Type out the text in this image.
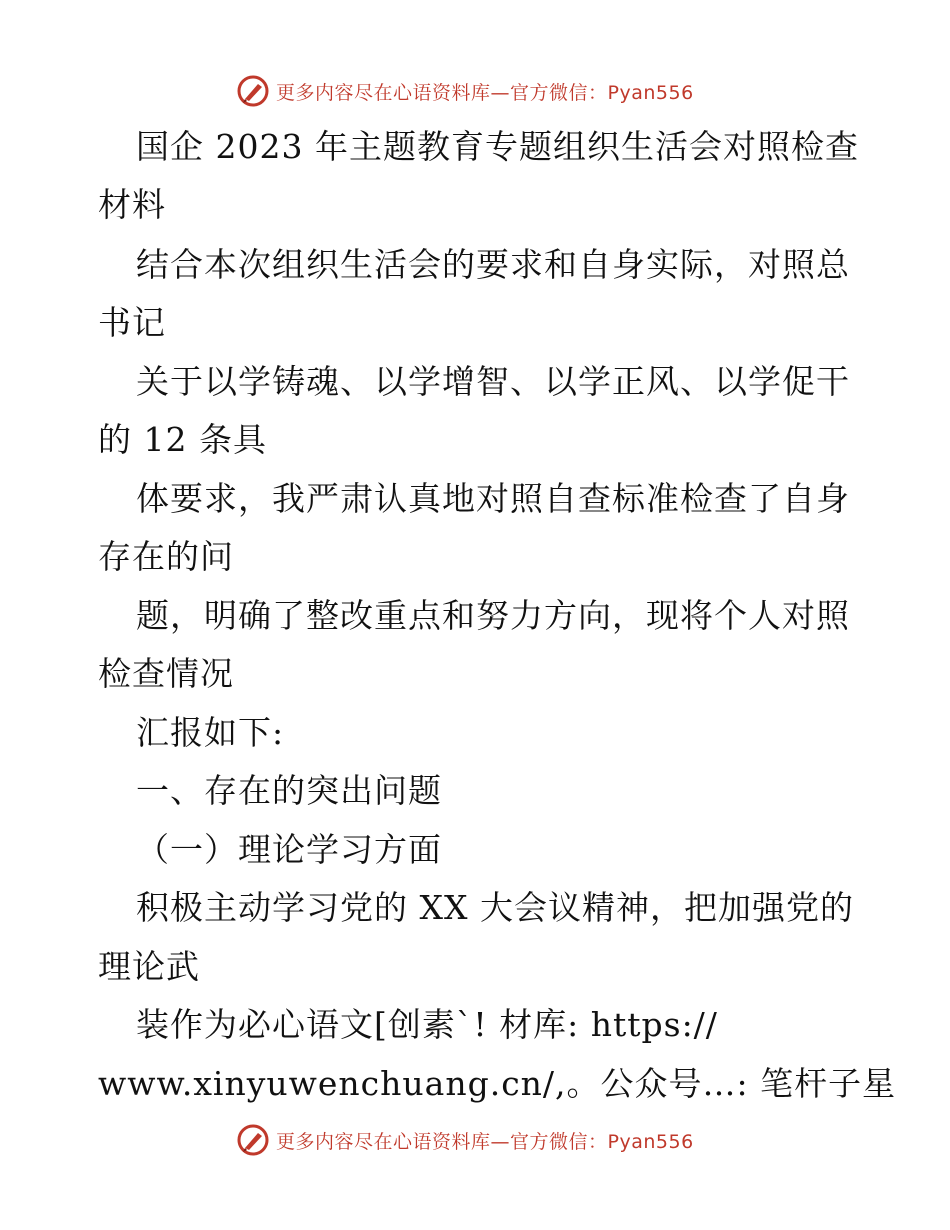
更多内容尽在心语资料库—官方微信：Pyan556
国企 2023 年主题教育专题组织生活会对照检查
材料
结合本次组织生活会的要求和自身实际，对照总
书记
关于以学铸魂、以学增智、以学正风、以学促干
的 12 条具
体要求，我严肃认真地对照自查标准检查了自身
存在的问
题，明确了整改重点和努力方向，现将个人对照
检查情况
汇报如下:
一、存在的突出问题
（一）理论学习方面
积极主动学习党的 XX 大会议精神，把加强党的
理论武
装作为必心语文[创素`! 材库: https://
www.xinyuwenchuang.cn/,。公众号…: 笔杆子星
更多内容尽在心语资料库—官方微信：Pyan556
